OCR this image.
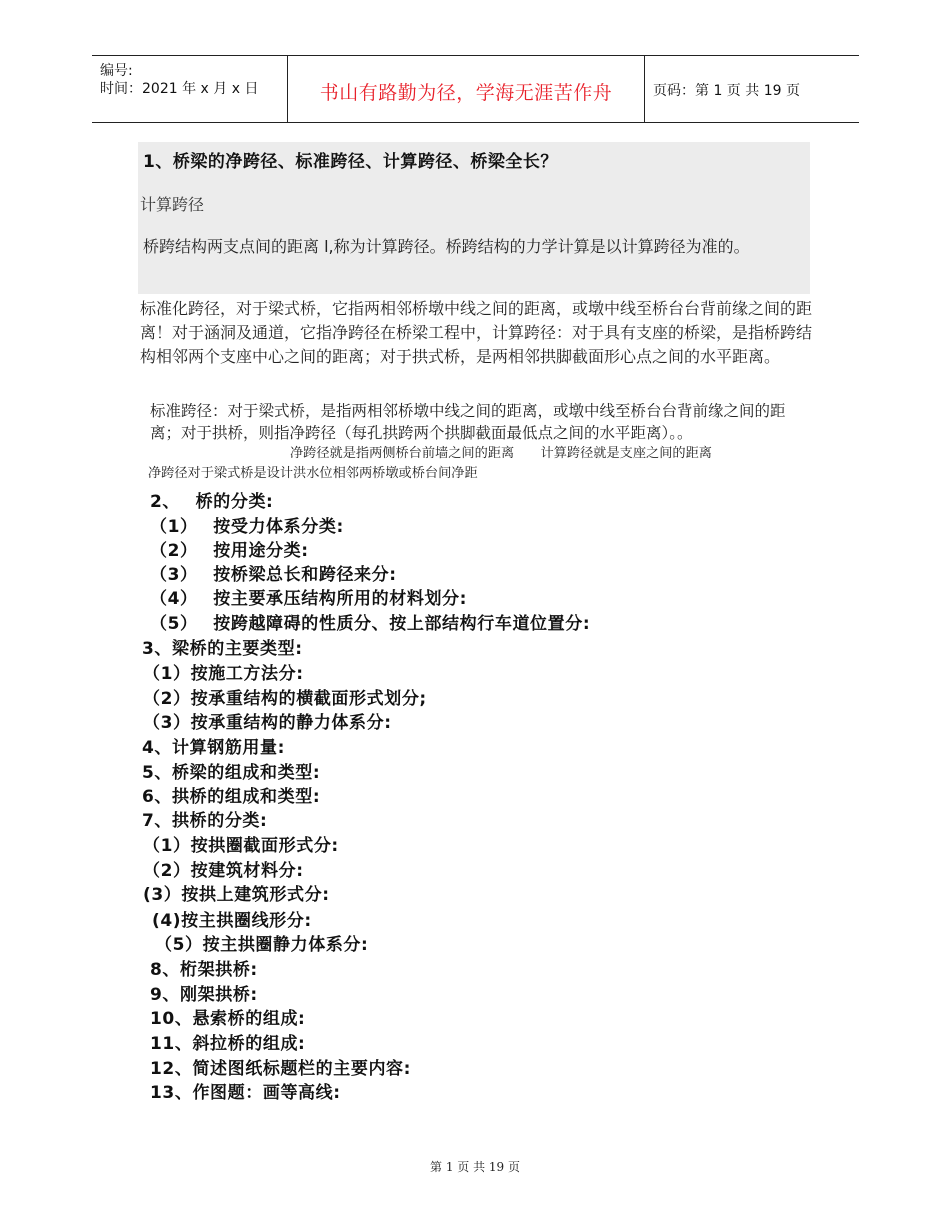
编号:
时间：2021 年 x 月 x 日	书山有路勤为径，学海无涯苦作舟	页码：第 1 页 共 19 页
1、桥梁的净跨径、标准跨径、计算跨径、桥梁全长？
计算跨径
桥跨结构两支点间的距离 l,称为计算跨径。桥跨结构的力学计算是以计算跨径为准的。
标准化跨径，对于梁式桥，它指两相邻桥墩中线之间的距离，或墩中线至桥台台背前缘之间的距离！对于涵洞及通道，它指净跨径在桥梁工程中，计算跨径：对于具有支座的桥梁，是指桥跨结构相邻两个支座中心之间的距离；对于拱式桥，是两相邻拱脚截面形心点之间的水平距离。
标准跨径：对于梁式桥，是指两相邻桥墩中线之间的距离，或墩中线至桥台台背前缘之间的距离；对于拱桥，则指净跨径（每孔拱跨两个拱脚截面最低点之间的水平距离）。。
净跨径就是指两侧桥台前墙之间的距离　　计算跨径就是支座之间的距离
净跨径对于梁式桥是设计洪水位相邻两桥墩或桥台间净距
2、　 桥的分类:
（1）　 按受力体系分类:
（2）　 按用途分类:
（3）　 按桥梁总长和跨径来分:
（4）　 按主要承压结构所用的材料划分:
（5）　 按跨越障碍的性质分、按上部结构行车道位置分:
3、梁桥的主要类型:
（1）按施工方法分:
（2）按承重结构的横截面形式划分;
（3）按承重结构的静力体系分:
4、计算钢筋用量:
5、桥梁的组成和类型:
6、拱桥的组成和类型:
7、拱桥的分类:
（1）按拱圈截面形式分:
（2）按建筑材料分:
(3）按拱上建筑形式分:
(4)按主拱圈线形分:
（5）按主拱圈静力体系分:
8、桁架拱桥:
9、刚架拱桥:
10、悬索桥的组成:
11、斜拉桥的组成:
12、简述图纸标题栏的主要内容:
13、作图题：画等高线:
第 1 页 共 19 页
